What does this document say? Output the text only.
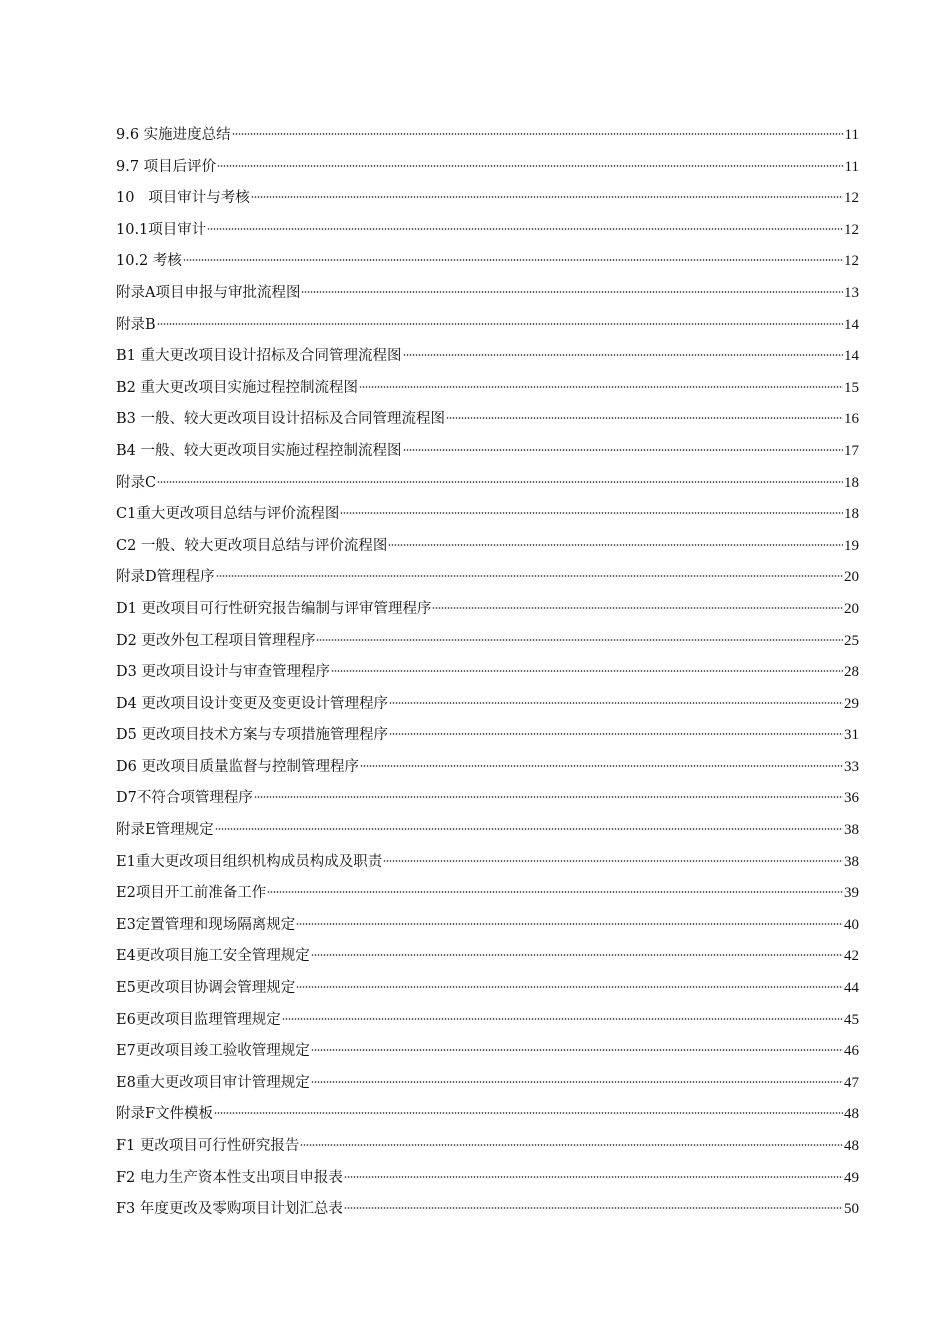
9.6 实施进度总结	11
9.7 项目后评价	11
10   项目审计与考核	12
10.1项目审计	12
10.2 考核	12
附录A项目申报与审批流程图	13
附录B	14
B1 重大更改项目设计招标及合同管理流程图	14
B2 重大更改项目实施过程控制流程图	15
B3 一般、较大更改项目设计招标及合同管理流程图	16
B4 一般、较大更改项目实施过程控制流程图	17
附录C	18
C1重大更改项目总结与评价流程图	18
C2 一般、较大更改项目总结与评价流程图	19
附录D管理程序	20
D1 更改项目可行性研究报告编制与评审管理程序	20
D2 更改外包工程项目管理程序	25
D3 更改项目设计与审查管理程序	28
D4 更改项目设计变更及变更设计管理程序	29
D5 更改项目技术方案与专项措施管理程序	31
D6 更改项目质量监督与控制管理程序	33
D7不符合项管理程序	36
附录E管理规定	38
E1重大更改项目组织机构成员构成及职责	38
E2项目开工前准备工作	39
E3定置管理和现场隔离规定	40
E4更改项目施工安全管理规定	42
E5更改项目协调会管理规定	44
E6更改项目监理管理规定	45
E7更改项目竣工验收管理规定	46
E8重大更改项目审计管理规定	47
附录F文件模板	48
F1 更改项目可行性研究报告	48
F2 电力生产资本性支出项目申报表	49
F3 年度更改及零购项目计划汇总表	50
